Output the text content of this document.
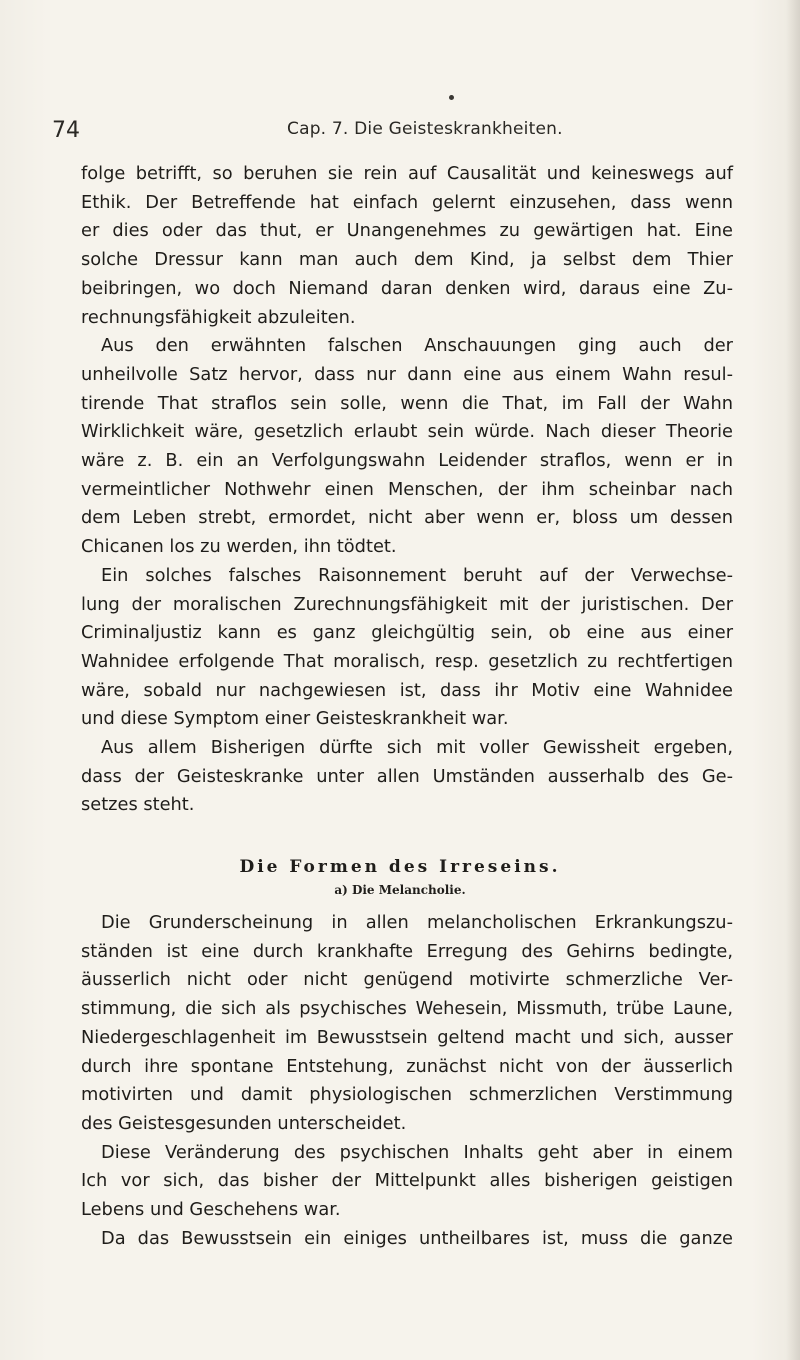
74	Cap. 7. Die Geisteskrankheiten.
folge betrifft, so beruhen sie rein auf Causalität und keineswegs auf
Ethik. Der Betreffende hat einfach gelernt einzusehen, dass wenn
er dies oder das thut, er Unangenehmes zu gewärtigen hat. Eine
solche Dressur kann man auch dem Kind, ja selbst dem Thier
beibringen, wo doch Niemand daran denken wird, daraus eine Zu-
rechnungsfähigkeit abzuleiten.
Aus den erwähnten falschen Anschauungen ging auch der
unheilvolle Satz hervor, dass nur dann eine aus einem Wahn resul-
tirende That straflos sein solle, wenn die That, im Fall der Wahn
Wirklichkeit wäre, gesetzlich erlaubt sein würde. Nach dieser Theorie
wäre z. B. ein an Verfolgungswahn Leidender straflos, wenn er in
vermeintlicher Nothwehr einen Menschen, der ihm scheinbar nach
dem Leben strebt, ermordet, nicht aber wenn er, bloss um dessen
Chicanen los zu werden, ihn tödtet.
Ein solches falsches Raisonnement beruht auf der Verwechse-
lung der moralischen Zurechnungsfähigkeit mit der juristischen. Der
Criminaljustiz kann es ganz gleichgültig sein, ob eine aus einer
Wahnidee erfolgende That moralisch, resp. gesetzlich zu rechtfertigen
wäre, sobald nur nachgewiesen ist, dass ihr Motiv eine Wahnidee
und diese Symptom einer Geisteskrankheit war.
Aus allem Bisherigen dürfte sich mit voller Gewissheit ergeben,
dass der Geisteskranke unter allen Umständen ausserhalb des Ge-
setzes steht.
Die Formen des Irreseins.
a) Die Melancholie.
Die Grunderscheinung in allen melancholischen Erkrankungszu-
ständen ist eine durch krankhafte Erregung des Gehirns bedingte,
äusserlich nicht oder nicht genügend motivirte schmerzliche Ver-
stimmung, die sich als psychisches Wehesein, Missmuth, trübe Laune,
Niedergeschlagenheit im Bewusstsein geltend macht und sich, ausser
durch ihre spontane Entstehung, zunächst nicht von der äusserlich
motivirten und damit physiologischen schmerzlichen Verstimmung
des Geistesgesunden unterscheidet.
Diese Veränderung des psychischen Inhalts geht aber in einem
Ich vor sich, das bisher der Mittelpunkt alles bisherigen geistigen
Lebens und Geschehens war.
Da das Bewusstsein ein einiges untheilbares ist, muss die ganze
